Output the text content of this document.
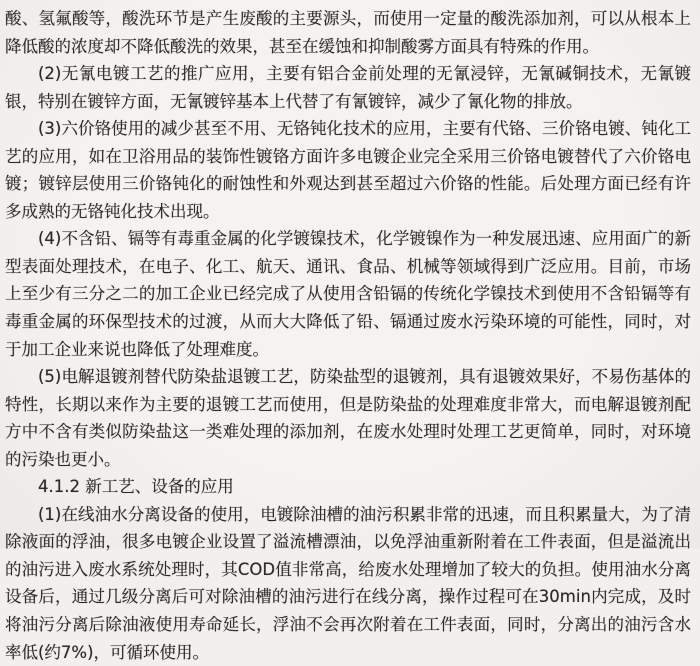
酸、氢氟酸等，酸洗环节是产生废酸的主要源头，而使用一定量的酸洗添加剂，可以从根本上降低酸的浓度却不降低酸洗的效果，甚至在缓蚀和抑制酸雾方面具有特殊的作用。

(2)无氰电镀工艺的推广应用，主要有铝合金前处理的无氰浸锌，无氰碱铜技术，无氰镀银，特别在镀锌方面，无氰镀锌基本上代替了有氰镀锌，减少了氰化物的排放。

(3)六价铬使用的减少甚至不用、无铬钝化技术的应用，主要有代铬、三价铬电镀、钝化工艺的应用，如在卫浴用品的装饰性镀铬方面许多电镀企业完全采用三价铬电镀替代了六价铬电镀；镀锌层使用三价铬钝化的耐蚀性和外观达到甚至超过六价铬的性能。后处理方面已经有许多成熟的无铬钝化技术出现。

(4)不含铅、镉等有毒重金属的化学镀镍技术，化学镀镍作为一种发展迅速、应用面广的新型表面处理技术，在电子、化工、航天、通讯、食品、机械等领域得到广泛应用。目前，市场上至少有三分之二的加工企业已经完成了从使用含铅镉的传统化学镍技术到使用不含铅镉等有毒重金属的环保型技术的过渡，从而大大降低了铅、镉通过废水污染环境的可能性，同时，对于加工企业来说也降低了处理难度。

(5)电解退镀剂替代防染盐退镀工艺，防染盐型的退镀剂，具有退镀效果好，不易伤基体的特性，长期以来作为主要的退镀工艺而使用，但是防染盐的处理难度非常大，而电解退镀剂配方中不含有类似防染盐这一类难处理的添加剂，在废水处理时处理工艺更简单，同时，对环境的污染也更小。

4.1.2 新工艺、设备的应用

(1)在线油水分离设备的使用，电镀除油槽的油污积累非常的迅速，而且积累量大，为了清除液面的浮油，很多电镀企业设置了溢流槽漂油，以免浮油重新附着在工件表面，但是溢流出的油污进入废水系统处理时，其COD值非常高，给废水处理增加了较大的负担。使用油水分离设备后，通过几级分离后可对除油槽的油污进行在线分离，操作过程可在30min内完成，及时将油污分离后除油液使用寿命延长，浮油不会再次附着在工件表面，同时，分离出的油污含水率低(约7%)，可循环使用。
